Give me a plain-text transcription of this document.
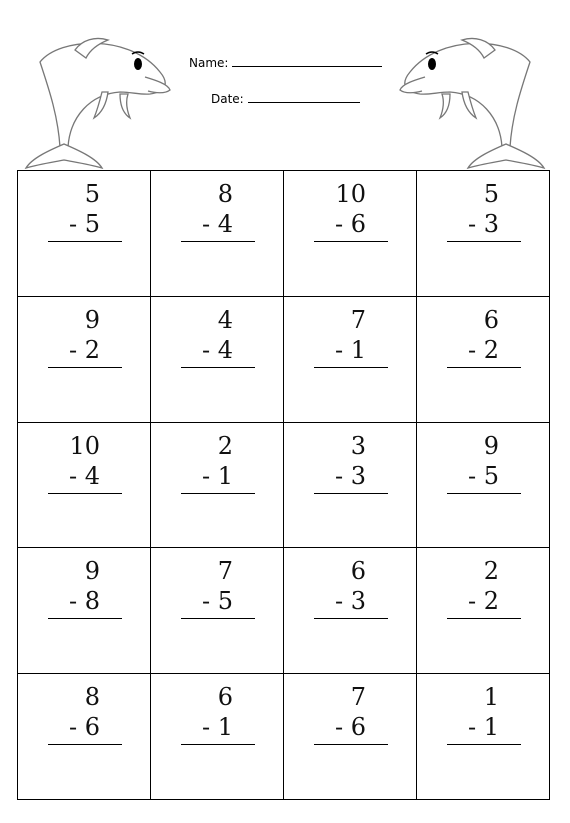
Name:
Date:
5
- 5
8
- 4
10
- 6
5
- 3
9
- 2
4
- 4
7
- 1
6
- 2
10
- 4
2
- 1
3
- 3
9
- 5
9
- 8
7
- 5
6
- 3
2
- 2
8
- 6
6
- 1
7
- 6
1
- 1
